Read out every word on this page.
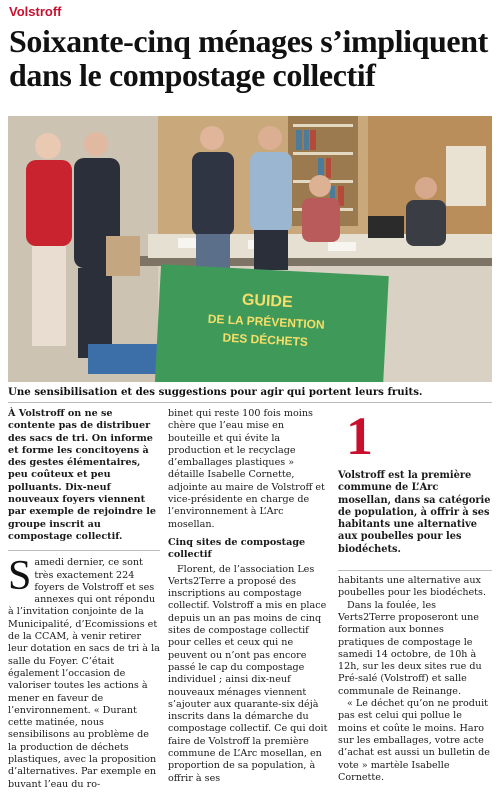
Volstroff
Soixante-cinq ménages s’impliquent dans le compostage collectif
GUIDE
DE LA PRÉVENTION
DES DÉCHETS
Une sensibilisation et des suggestions pour agir qui portent leurs fruits.

À Volstroff on ne se contente pas de distribuer des sacs de tri. On informe et forme les concitoyens à des gestes élémentaires, peu coûteux et peu polluants. Dix-neuf nouveaux foyers viennent par exemple de rejoindre le groupe inscrit au compostage collectif.

Samedi dernier, ce sont très exactement 224 foyers de Volstroff et ses annexes qui ont répondu à l’invitation conjointe de la Municipalité, d’Ecomissions et de la CCAM, à venir retirer leur dotation en sacs de tri à la salle du Foyer. C’était également l’occasion de valoriser toutes les actions à mener en faveur de l’environnement. « Durant cette matinée, nous sensibilisons au problème de la production de déchets plastiques, avec la proposition d’alternatives. Par exemple en buvant l’eau du ro-

binet qui reste 100 fois moins chère que l’eau mise en bouteille et qui évite la production et le recyclage d’emballages plastiques » détaille Isabelle Cornette, adjointe au maire de Volstroff et vice-présidente en charge de l’environnement à L’Arc mosellan.

Cinq sites de compostage collectif

Florent, de l’association Les Verts2Terre a proposé des inscriptions au compostage collectif. Volstroff a mis en place depuis un an pas moins de cinq sites de compostage collectif pour celles et ceux qui ne peuvent ou n’ont pas encore passé le cap du compostage individuel ; ainsi dix-neuf nouveaux ménages viennent s’ajouter aux quarante-six déjà inscrits dans la démarche du compostage collectif. Ce qui doit faire de Volstroff la première commune de L’Arc mosellan, en proportion de sa population, à offrir à ses

1

Volstroff est la première commune de L’Arc mosellan, dans sa catégorie de population, à offrir à ses habitants une alternative aux poubelles pour les biodéchets.

habitants une alternative aux poubelles pour les biodéchets.

Dans la foulée, les Verts2Terre proposeront une formation aux bonnes pratiques de compostage le samedi 14 octobre, de 10h à 12h, sur les deux sites rue du Pré-salé (Volstroff) et salle communale de Reinange.

« Le déchet qu’on ne produit pas est celui qui pollue le moins et coûte le moins. Haro sur les emballages, votre acte d’achat est aussi un bulletin de vote » martèle Isabelle Cornette.
